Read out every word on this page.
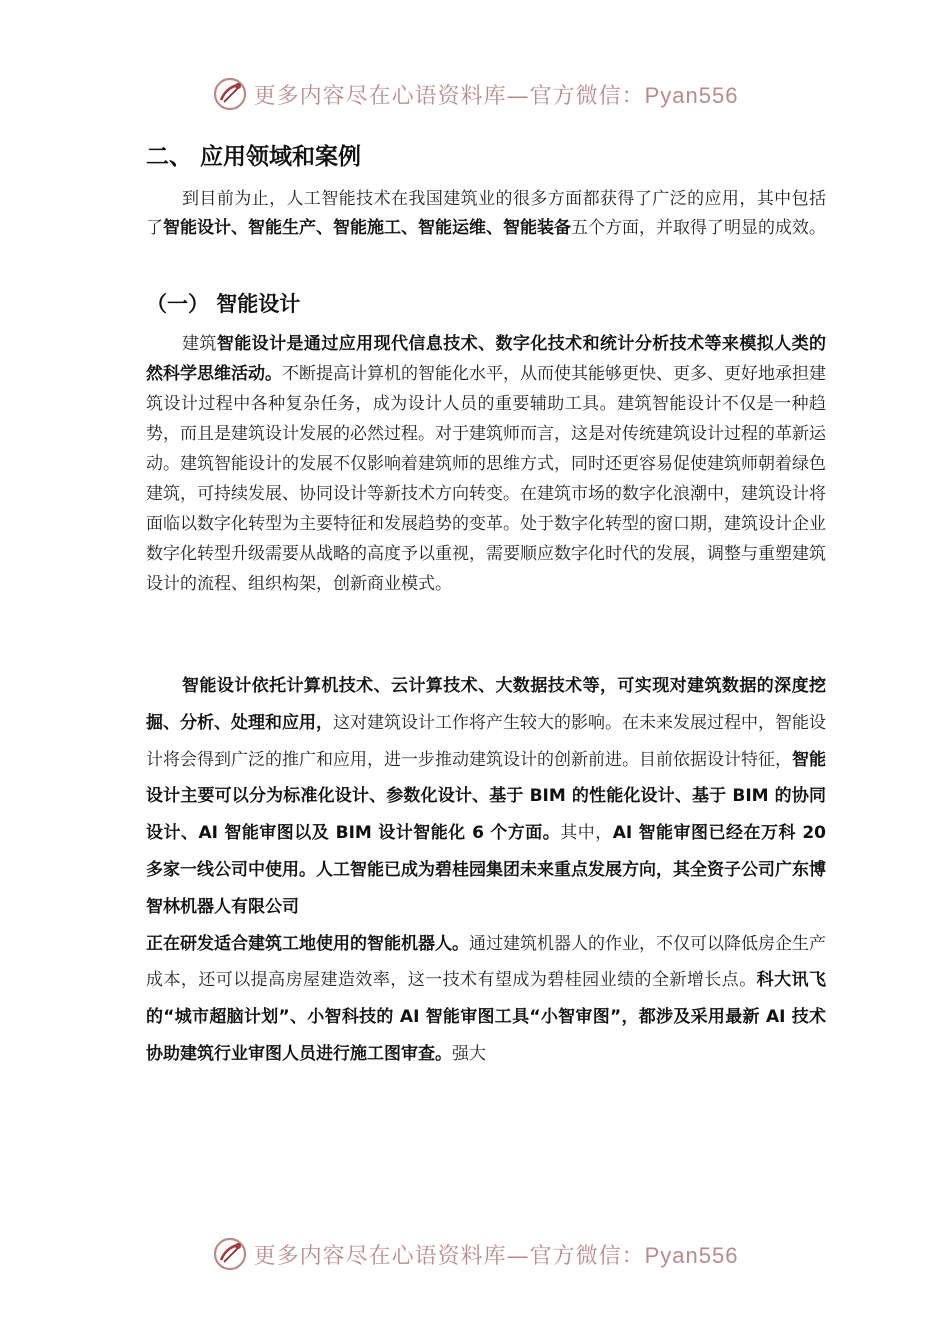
更多内容尽在心语资料库—官方微信：Pyan556
二、 应用领域和案例

到目前为止，人工智能技术在我国建筑业的很多方面都获得了广泛的应用，其中包括了智能设计、智能生产、智能施工、智能运维、智能装备五个方面，并取得了明显的成效。

（一） 智能设计

建筑智能设计是通过应用现代信息技术、数字化技术和统计分析技术等来模拟人类的然科学思维活动。不断提高计算机的智能化水平，从而使其能够更快、更多、更好地承担建筑设计过程中各种复杂任务，成为设计人员的重要辅助工具。建筑智能设计不仅是一种趋势，而且是建筑设计发展的必然过程。对于建筑师而言，这是对传统建筑设计过程的革新运动。建筑智能设计的发展不仅影响着建筑师的思维方式，同时还更容易促使建筑师朝着绿色建筑，可持续发展、协同设计等新技术方向转变。在建筑市场的数字化浪潮中，建筑设计将面临以数字化转型为主要特征和发展趋势的变革。处于数字化转型的窗口期，建筑设计企业数字化转型升级需要从战略的高度予以重视，需要顺应数字化时代的发展，调整与重塑建筑设计的流程、组织构架，创新商业模式。

智能设计依托计算机技术、云计算技术、大数据技术等，可实现对建筑数据的深度挖掘、分析、处理和应用，这对建筑设计工作将产生较大的影响。在未来发展过程中，智能设计将会得到广泛的推广和应用，进一步推动建筑设计的创新前进。目前依据设计特征，智能设计主要可以分为标准化设计、参数化设计、基于 BIM 的性能化设计、基于 BIM 的协同设计、AI 智能审图以及 BIM 设计智能化 6 个方面。其中，AI 智能审图已经在万科 20 多家一线公司中使用。人工智能已成为碧桂园集团未来重点发展方向，其全资子公司广东博智林机器人有限公司
正在研发适合建筑工地使用的智能机器人。通过建筑机器人的作业，不仅可以降低房企生产成本，还可以提高房屋建造效率，这一技术有望成为碧桂园业绩的全新增长点。科大讯飞的“城市超脑计划”、小智科技的 AI 智能审图工具“小智审图”，都涉及采用最新 AI 技术协助建筑行业审图人员进行施工图审查。强大

更多内容尽在心语资料库—官方微信：Pyan556
